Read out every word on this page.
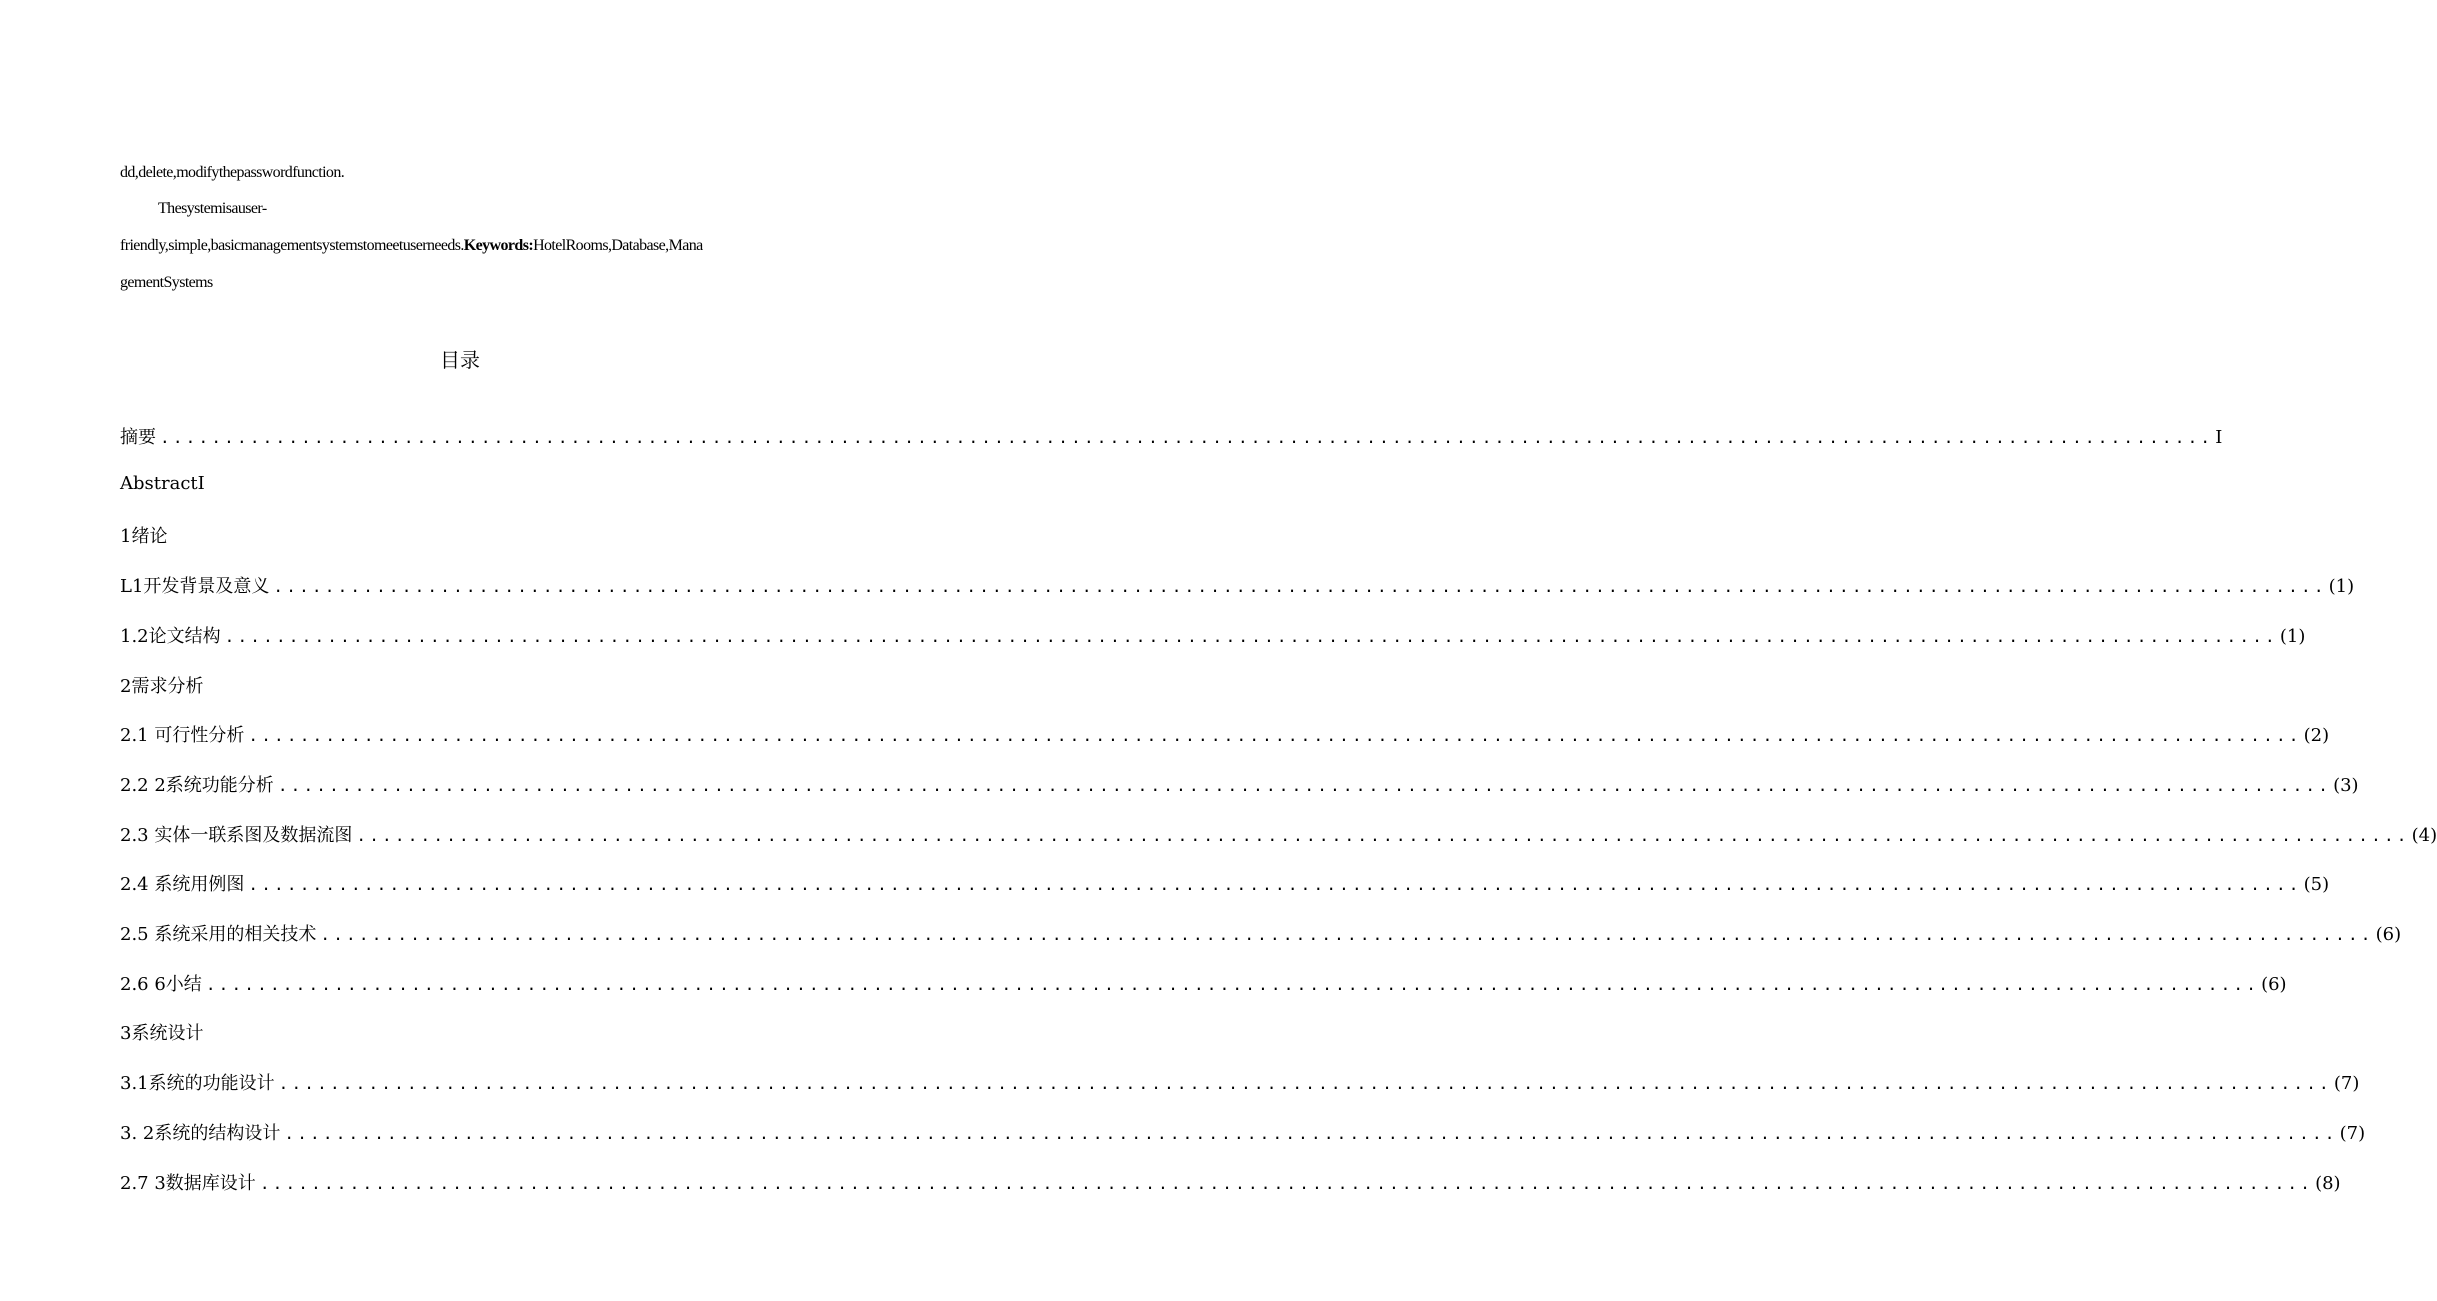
dd,delete,modifythepasswordfunction.
Thesystemisauser-
friendly,simple,basicmanagementsystemstomeetuserneeds.Keywords:HotelRooms,Database,Mana
gementSystems
目录
摘要 ................................................................................................................................................................ I
AbstractI
1绪论
L1开发背景及意义 ................................................................................................................................................................ (1)
1.2论文结构 ................................................................................................................................................................ (1)
2需求分析
2.1 可行性分析 ................................................................................................................................................................ (2)
2.2 2系统功能分析 ................................................................................................................................................................ (3)
2.3 实体一联系图及数据流图 ................................................................................................................................................................ (4)
2.4 系统用例图 ................................................................................................................................................................ (5)
2.5 系统采用的相关技术 ................................................................................................................................................................ (6)
2.6 6小结 ................................................................................................................................................................ (6)
3系统设计
3.1系统的功能设计 ................................................................................................................................................................ (7)
3. 2系统的结构设计 ................................................................................................................................................................ (7)
2.7 3数据库设计 ................................................................................................................................................................ (8)
